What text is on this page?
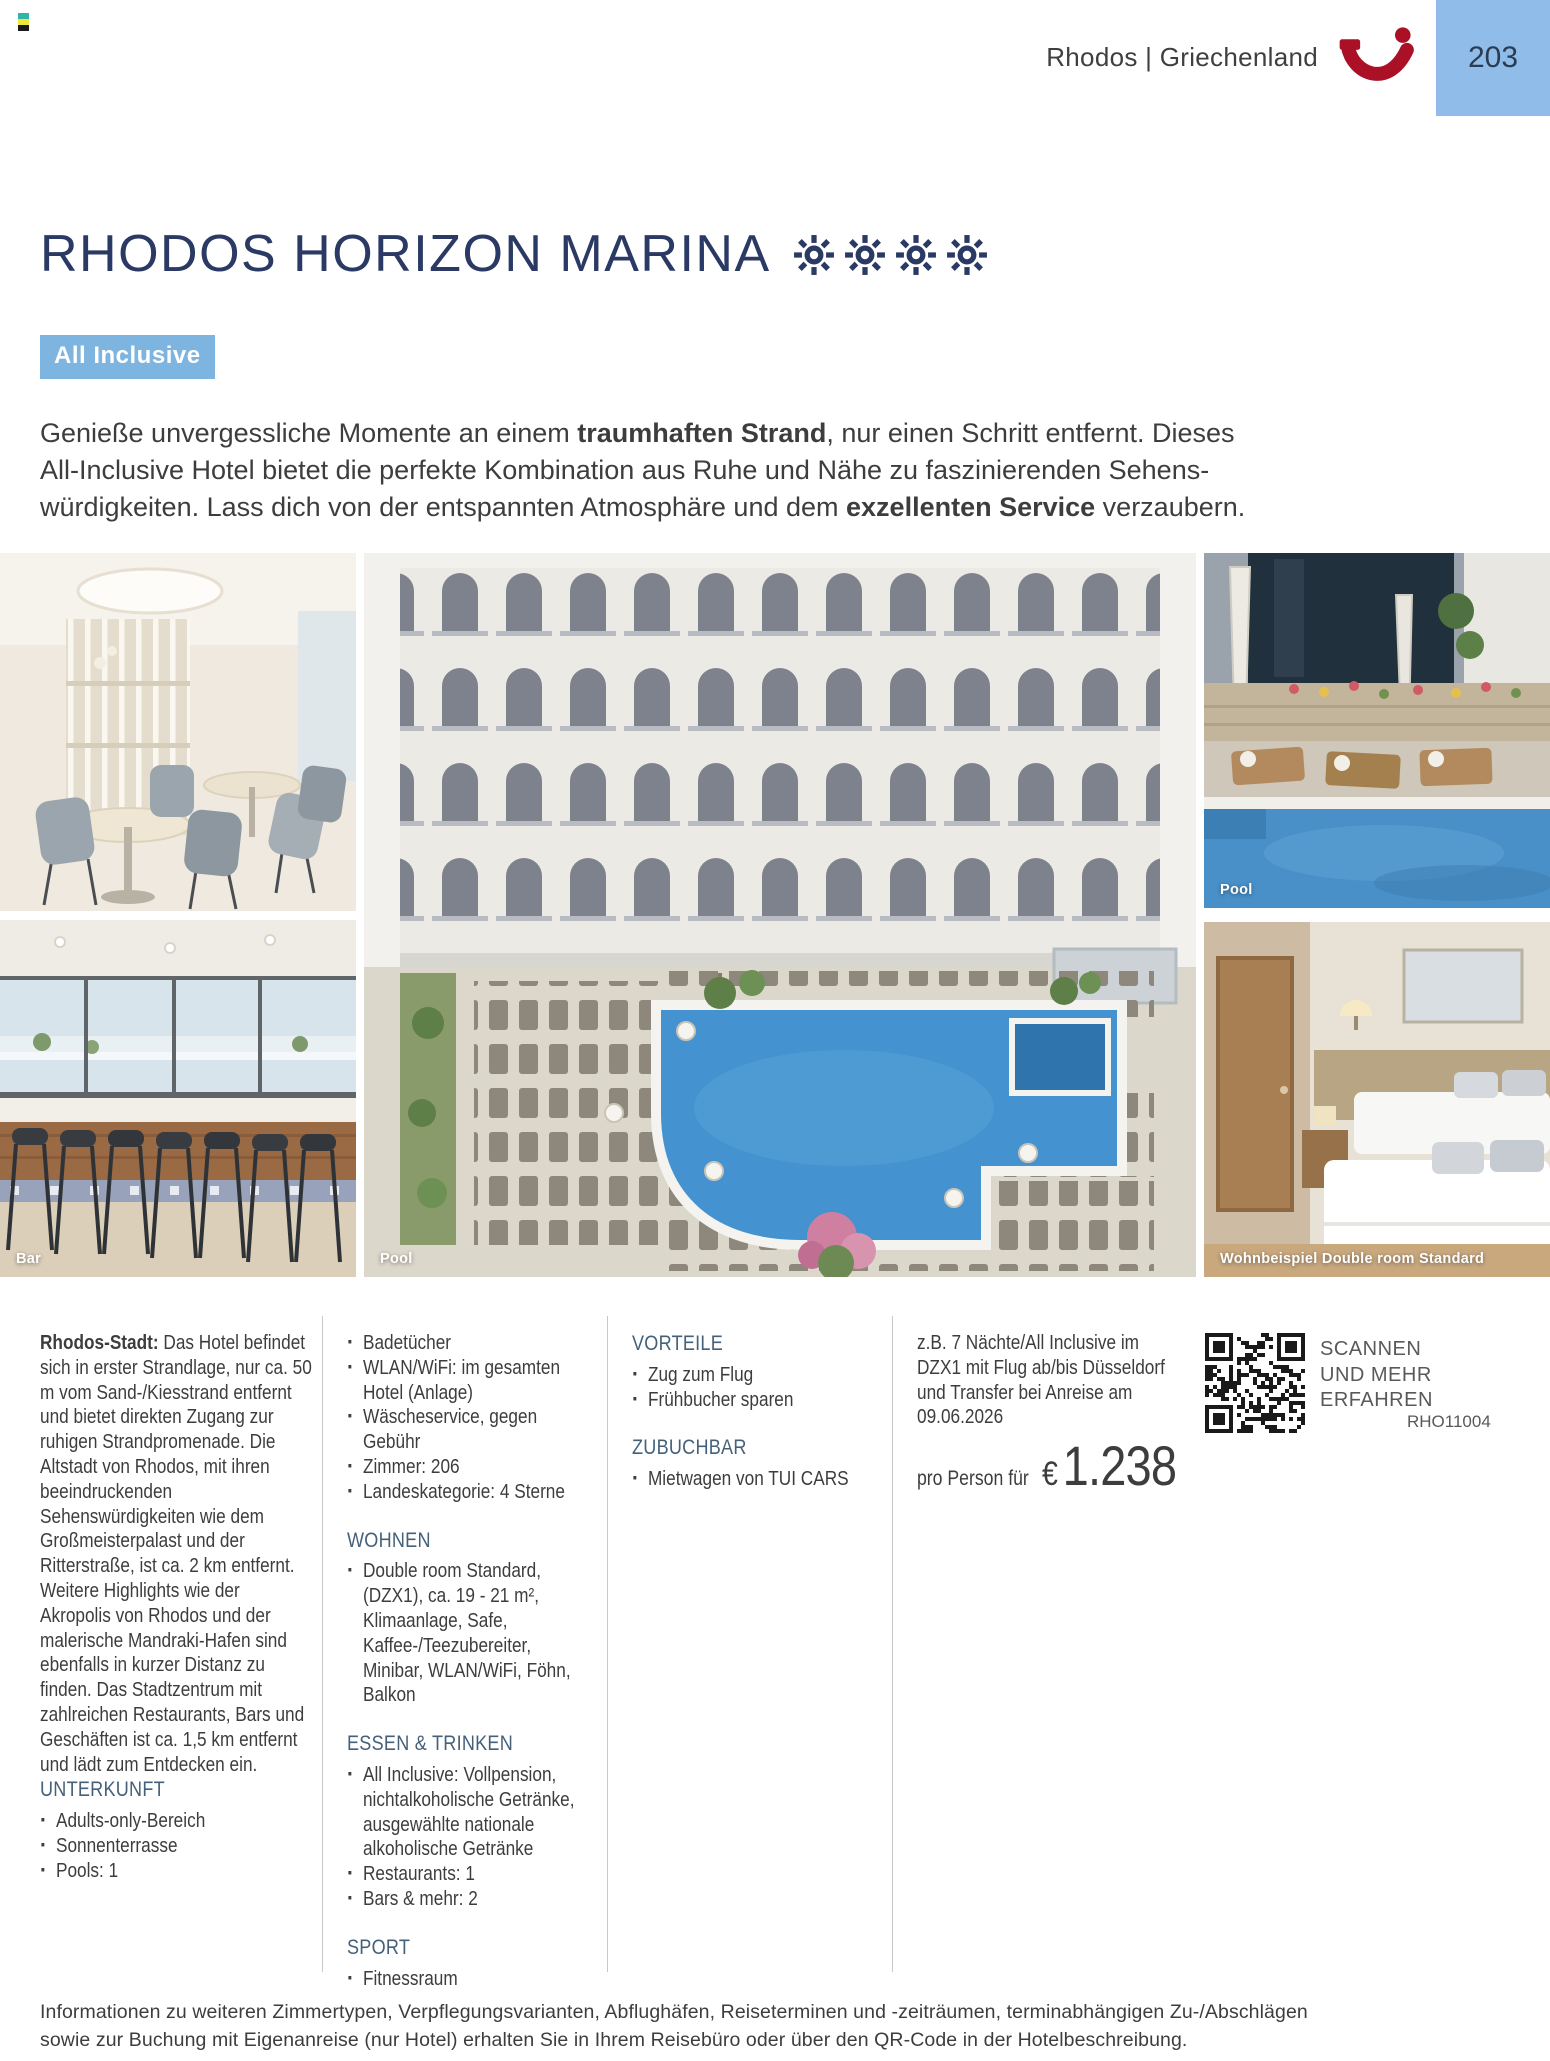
Rhodos | Griechenland	203
RHODOS HORIZON MARINA
All Inclusive
Genieße unvergessliche Momente an einem traumhaften Strand, nur einen Schritt entfernt. Dieses
All-Inclusive Hotel bietet die perfekte Kombination aus Ruhe und Nähe zu faszinierenden Sehens-
würdigkeiten. Lass dich von der entspannten Atmosphäre und dem exzellenten Service verzaubern.
Bar	Pool
Pool
Wohnbeispiel Double room Standard

Rhodos-Stadt: Das Hotel befindet sich in erster Strandlage, nur ca. 50 m vom Sand-/Kiesstrand entfernt und bietet direkten Zugang zur ruhigen Strandpromenade. Die Altstadt von Rhodos, mit ihren beeindruckenden Sehenswürdigkeiten wie dem Großmeisterpalast und der Ritterstraße, ist ca. 2 km entfernt. Weitere Highlights wie der Akropolis von Rhodos und der malerische Mandraki-Hafen sind ebenfalls in kurzer Distanz zu finden. Das Stadtzentrum mit zahlreichen Restaurants, Bars und Geschäften ist ca. 1,5 km entfernt und lädt zum Entdecken ein.

UNTERKUNFT
▪ Adults-only-Bereich
▪ Sonnenterrasse
▪ Pools: 1
▪ Badetücher
▪ WLAN/WiFi: im gesamten Hotel (Anlage)
▪ Wäscheservice, gegen Gebühr
▪ Zimmer: 206
▪ Landeskategorie: 4 Sterne
WOHNEN
▪ Double room Standard, (DZX1), ca. 19 - 21 m², Klimaanlage, Safe, Kaffee-/Teezubereiter, Minibar, WLAN/WiFi, Föhn, Balkon
ESSEN & TRINKEN
▪ All Inclusive: Vollpension, nichtalkoholische Getränke, ausgewählte nationale alkoholische Getränke
▪ Restaurants: 1
▪ Bars & mehr: 2
SPORT
▪ Fitnessraum
VORTEILE
▪ Zug zum Flug
▪ Frühbucher sparen
ZUBUCHBAR
▪ Mietwagen von TUI CARS
z.B. 7 Nächte/All Inclusive im DZX1 mit Flug ab/bis Düsseldorf und Transfer bei Anreise am 09.06.2026
pro Person für € 1.238
SCANNEN
UND MEHR
ERFAHREN
RHO11004
Informationen zu weiteren Zimmertypen, Verpflegungsvarianten, Abflughäfen, Reiseterminen und -zeiträumen, terminabhängigen Zu-/Abschlägen
sowie zur Buchung mit Eigenanreise (nur Hotel) erhalten Sie in Ihrem Reisebüro oder über den QR-Code in der Hotelbeschreibung.
